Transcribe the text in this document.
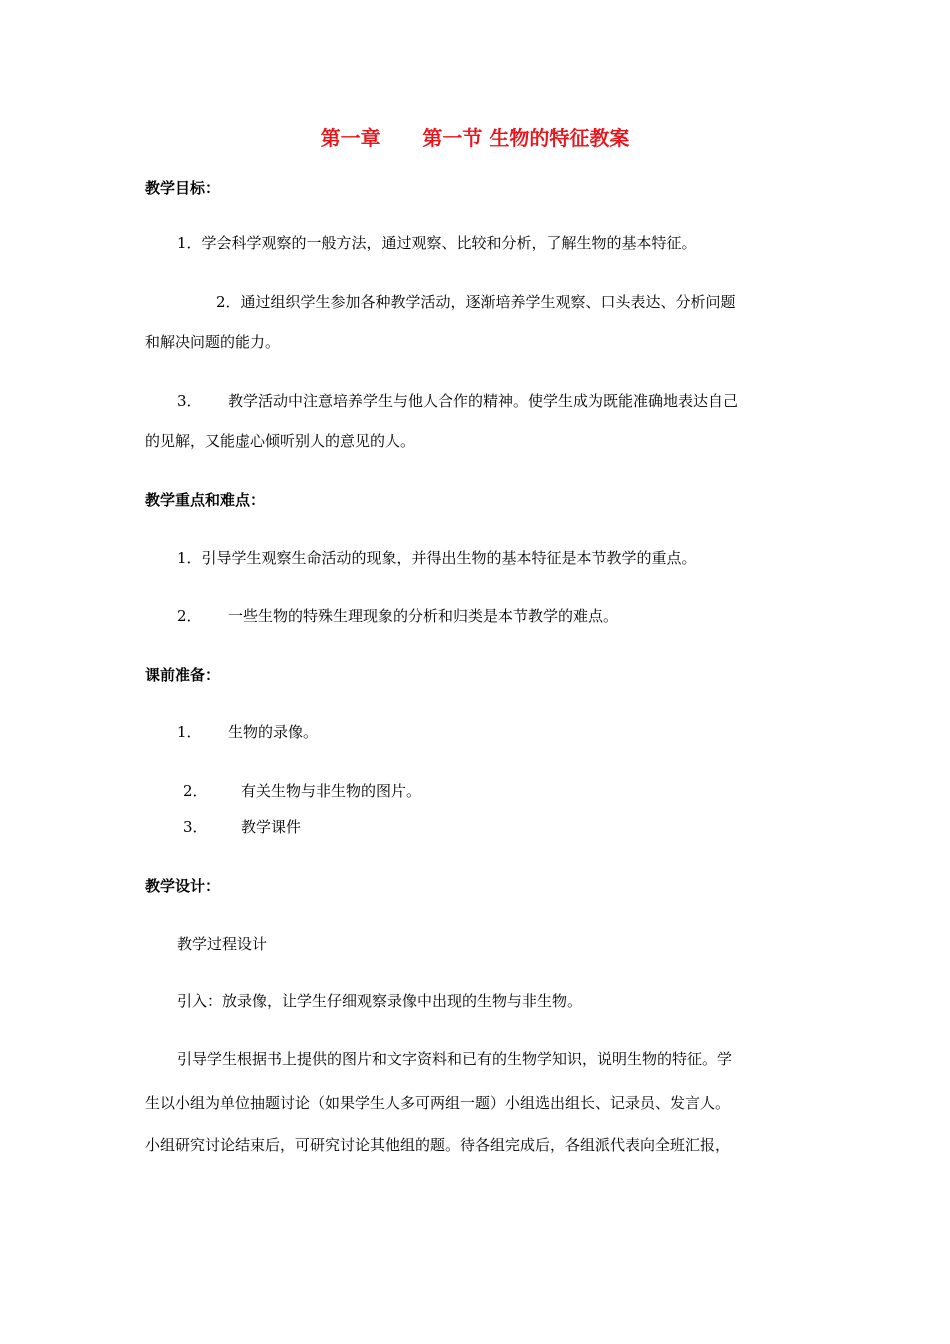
第一章      第一节 生物的特征教案
教学目标：
1．学会科学观察的一般方法，通过观察、比较和分析，了解生物的基本特征。
2．通过组织学生参加各种教学活动，逐渐培养学生观察、口头表达、分析问题
和解决问题的能力。
3． 教学活动中注意培养学生与他人合作的精神。使学生成为既能准确地表达自己
的见解，又能虚心倾听别人的意见的人。
教学重点和难点：
1．引导学生观察生命活动的现象，并得出生物的基本特征是本节教学的重点。
2． 一些生物的特殊生理现象的分析和归类是本节教学的难点。
课前准备：
1． 生物的录像。
2． 有关生物与非生物的图片。
3． 教学课件
教学设计：
教学过程设计
引入：放录像，让学生仔细观察录像中出现的生物与非生物。
引导学生根据书上提供的图片和文字资料和已有的生物学知识，说明生物的特征。学
生以小组为单位抽题讨论（如果学生人多可两组一题）小组选出组长、记录员、发言人。
小组研究讨论结束后，可研究讨论其他组的题。待各组完成后，各组派代表向全班汇报，
